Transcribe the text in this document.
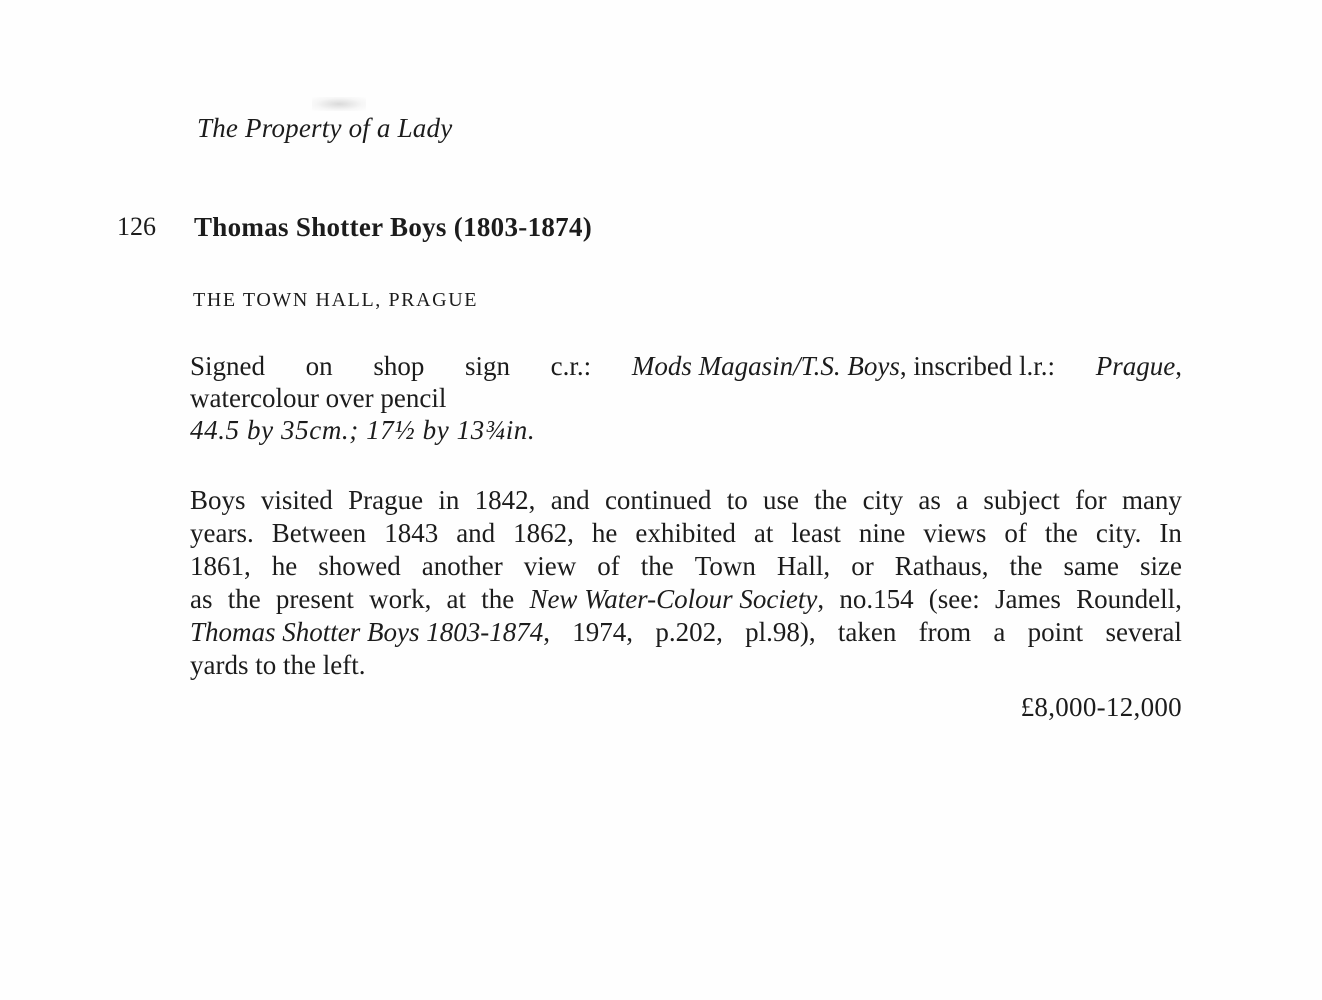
The Property of a Lady
126 Thomas Shotter Boys (1803-1874)
THE TOWN HALL, PRAGUE
Signed on shop sign c.r.: Mods Magasin/T.S. Boys, inscribed l.r.: Prague,
watercolour over pencil
44.5 by 35cm.; 17½ by 13¾in.
Boys visited Prague in 1842, and continued to use the city as a subject for many
years. Between 1843 and 1862, he exhibited at least nine views of the city. In
1861, he showed another view of the Town Hall, or Rathaus, the same size
as the present work, at the New Water-Colour Society, no.154 (see: James Roundell,
Thomas Shotter Boys 1803-1874, 1974, p.202, pl.98), taken from a point several
yards to the left.
£8,000-12,000
